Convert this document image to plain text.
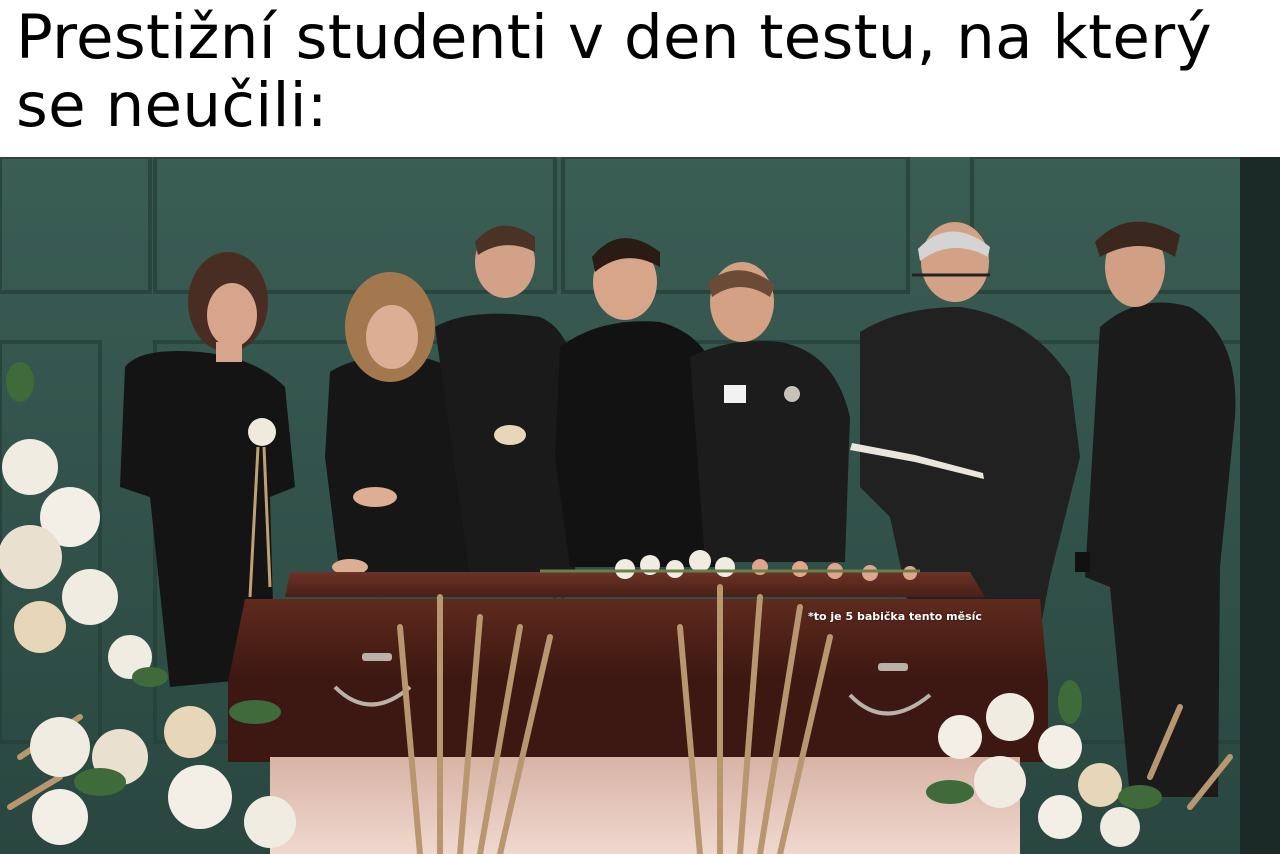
Prestižní studenti v den testu, na který se neučili:
*to je 5 babička tento měsíc
